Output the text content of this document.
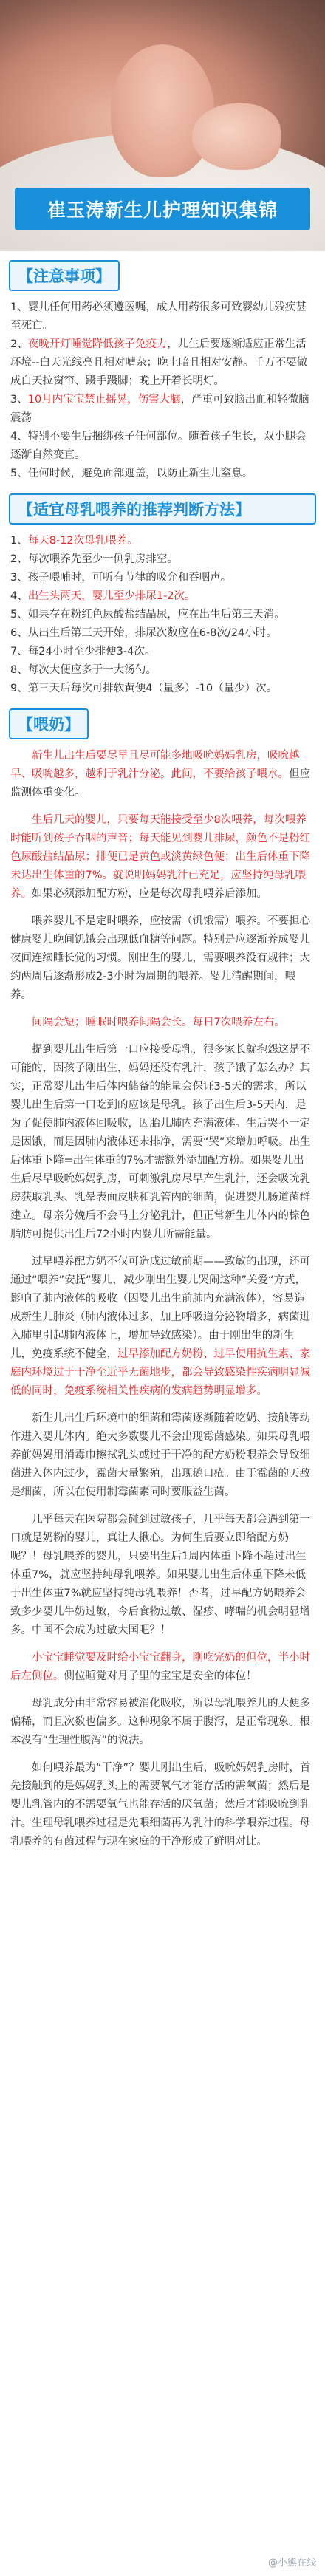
崔玉涛新生儿护理知识集锦
【注意事项】

1、婴儿任何用药必须遵医嘱，成人用药很多可致婴幼儿残疾甚至死亡。

2、夜晚开灯睡觉降低孩子免疫力，儿生后要逐渐适应正常生活环境--白天光线亮且相对嘈杂；晚上暗且相对安静。千万不要做成白天拉窗帘、蹑手蹑脚；晚上开着长明灯。

3、10月内宝宝禁止摇晃，伤害大脑，严重可致脑出血和轻微脑震荡

4、特别不要生后捆绑孩子任何部位。随着孩子生长，双小腿会逐渐自然变直。

5、任何时候，避免面部遮盖，以防止新生儿窒息。

【适宜母乳喂养的推荐判断方法】

1、每天8-12次母乳喂养。

2、每次喂养先至少一侧乳房排空。

3、孩子喂哺时，可听有节律的吸允和吞咽声。

4、出生头两天，婴儿至少排尿1-2次。

5、如果存在粉红色尿酸盐结晶尿，应在出生后第三天消。

6、从出生后第三天开始，排尿次数应在6-8次/24小时。

7、每24小时至少排便3-4次。

8、每次大便应多于一大汤勺。

9、第三天后每次可排软黄便4（量多）-10（量少）次。

【喂奶】

新生儿出生后要尽早且尽可能多地吸吮妈妈乳房，吸吮越早、吸吮越多，越利于乳汁分泌。此间，不要给孩子喂水。但应监测体重变化。

生后几天的婴儿，只要每天能接受至少8次喂养，每次喂养时能听到孩子吞咽的声音；每天能见到婴儿排尿，颜色不是粉红色尿酸盐结晶尿；排便已是黄色或淡黄绿色便；出生后体重下降未达出生体重的7%。就说明妈妈乳汁已充足，应坚持纯母乳喂养。如果必须添加配方粉，应是每次母乳喂养后添加。

喂养婴儿不是定时喂养，应按需（饥饿需）喂养。不要担心健康婴儿晚间饥饿会出现低血糖等问题。特别是应逐渐养成婴儿夜间连续睡长觉的习惯。刚出生的婴儿，需要喂养没有规律；大约两周后逐渐形成2-3小时为周期的喂养。婴儿清醒期间，喂养。

间隔会短；睡眠时喂养间隔会长。每日7次喂养左右。

提到婴儿出生后第一口应接受母乳，很多家长就抱怨这是不可能的，因孩子刚出生，妈妈还没有乳汁，孩子饿了怎么办？其实，正常婴儿出生后体内储备的能量会保证3-5天的需求，所以婴儿出生后第一口吃到的应该是母乳。孩子出生后3-5天内，是为了促使肺内液体回吸收，因胎儿肺内充满液体。生后哭不一定是因饿，而是因肺内液体还未排净，需要“哭”来增加呼吸。出生后体重下降=出生体重的7%才需额外添加配方粉。如果婴儿出生后尽早吸吮妈妈乳房，可刺激乳房尽早产生乳汁，还会吸吮乳房获取乳头、乳晕表面皮肤和乳管内的细菌，促进婴儿肠道菌群建立。母亲分娩后不会马上分泌乳汁，但正常新生儿体内的棕色脂肪可提供出生后72小时内婴儿所需能量。

过早喂养配方奶不仅可造成过敏前期——致敏的出现，还可通过“喂养”安抚“婴儿，减少刚出生婴儿哭闹这种”关爱“方式，影响了肺内液体的吸收（因婴儿出生前肺内充满液体），容易造成新生儿肺炎（肺内液体过多，加上呼吸道分泌物增多，病菌进入肺里引起肺内液体上，增加导致感染）。由于刚出生的新生儿，免疫系统不健全，过早添加配方奶粉、过早使用抗生素、家庭内环境过于干净至近乎无菌地步，都会导致感染性疾病明显减低的同时，免疫系统相关性疾病的发病趋势明显增多。

新生儿出生后环境中的细菌和霉菌逐渐随着吃奶、接触等动作进入婴儿体内。绝大多数婴儿不会出现霉菌感染。如果母乳喂养前妈妈用消毒巾擦拭乳头或过于干净的配方奶粉喂养会导致细菌进入体内过少，霉菌大量繁殖，出现鹅口疮。由于霉菌的天敌是细菌，所以在使用制霉菌素同时要服益生菌。

几乎每天在医院都会碰到过敏孩子，几乎每天都会遇到第一口就是奶粉的婴儿，真让人揪心。为何生后要立即给配方奶呢？！母乳喂养的婴儿，只要出生后1周内体重下降不超过出生体重7%，就应坚持纯母乳喂养。如果婴儿出生后体重下降未低于出生体重7%就应坚持纯母乳喂养！否者，过早配方奶喂养会致多少婴儿牛奶过敏，今后食物过敏、湿疹、哮喘的机会明显增多。中国不会成为过敏大国吧？！

小宝宝睡觉要及时给小宝宝翻身，刚吃完奶的但位，半小时后左侧位。侧位睡觉对月子里的宝宝是安全的体位！

母乳成分由非常容易被消化吸收，所以母乳喂养儿的大便多偏稀，而且次数也偏多。这种现象不属于腹泻，是正常现象。根本没有“生理性腹泻”的说法。

如何喂养最为“干净”？婴儿刚出生后，吸吮妈妈乳房时，首先接触到的是妈妈乳头上的需要氧气才能存活的需氧菌；然后是婴儿乳管内的不需要氧气也能存活的厌氧菌；然后才能吸吮到乳汁。生理母乳喂养过程是先喂细菌再为乳汁的科学喂养过程。母乳喂养的有菌过程与现在家庭的干净形成了鲜明对比。

@小熊在线
